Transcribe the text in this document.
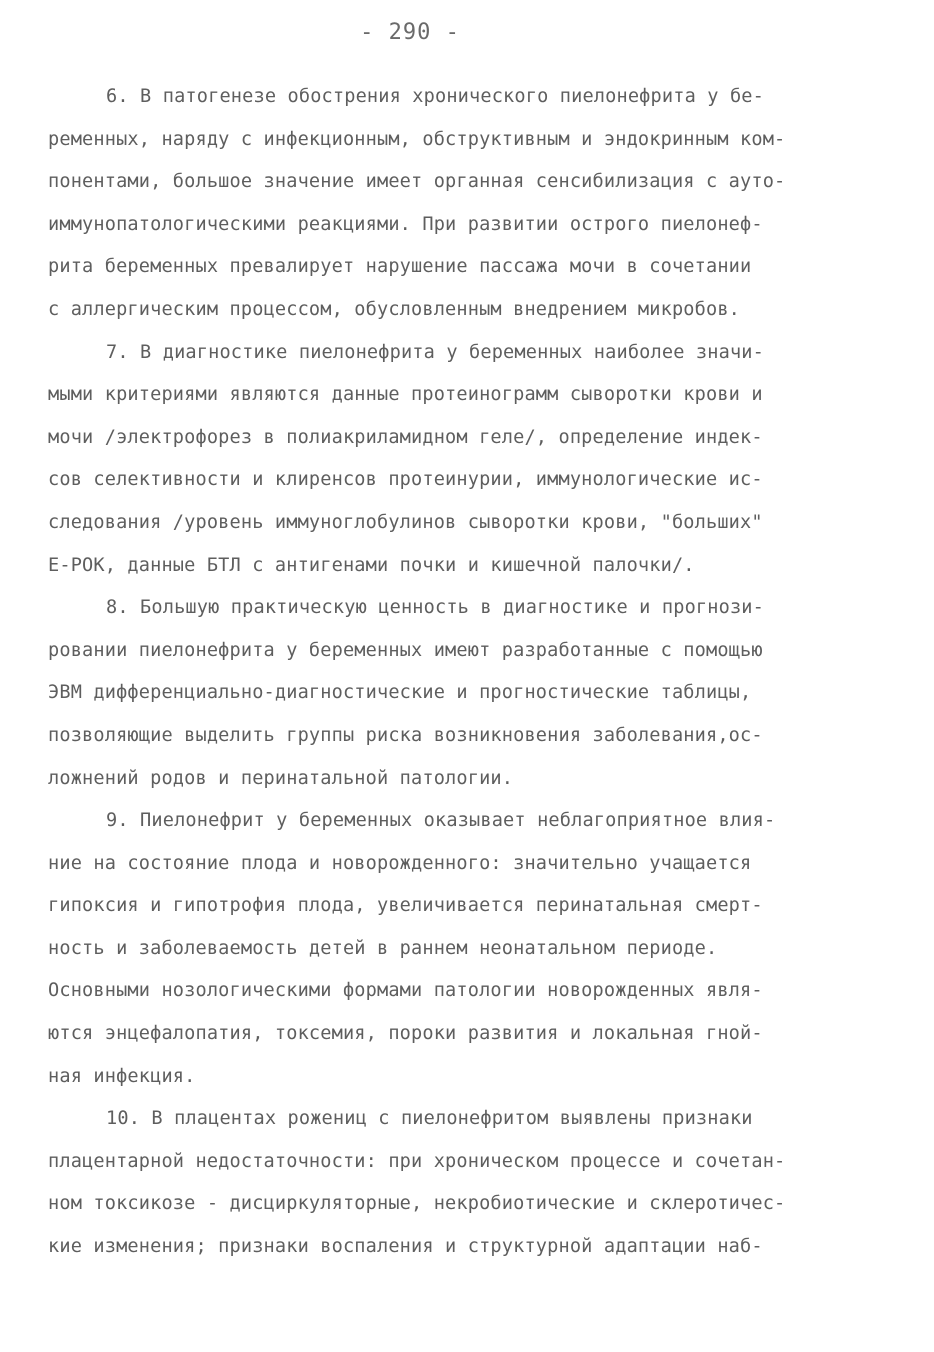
- 290 -
6. В патогенезе обострения хронического пиелонефрита у бе-
ременных, наряду с инфекционным, обструктивным и эндокринным ком-
понентами, большое значение имеет органная сенсибилизация с ауто-
иммунопатологическими реакциями. При развитии острого пиелонеф-
рита беременных превалирует нарушение пассажа мочи в сочетании
с аллергическим процессом, обусловленным внедрением микробов.
7. В диагностике пиелонефрита у беременных наиболее значи-
мыми критериями являются данные протеинограмм сыворотки крови и
мочи /электрофорез в полиакриламидном геле/, определение индек-
сов селективности и клиренсов протеинурии, иммунологические ис-
следования /уровень иммуноглобулинов сыворотки крови, "больших"
Е-РОК, данные БТЛ с антигенами почки и кишечной палочки/.
8. Большую практическую ценность в диагностике и прогнози-
ровании пиелонефрита у беременных имеют разработанные с помощью
ЭВМ дифференциально-диагностические и прогностические таблицы,
позволяющие выделить группы риска возникновения заболевания,ос-
ложнений родов и перинатальной патологии.
9. Пиелонефрит у беременных оказывает неблагоприятное влия-
ние на состояние плода и новорожденного: значительно учащается
гипоксия и гипотрофия плода, увеличивается перинатальная смерт-
ность и заболеваемость детей в раннем неонатальном периоде.
Основными нозологическими формами патологии новорожденных явля-
ются энцефалопатия, токсемия, пороки развития и локальная гной-
ная инфекция.
10. В плацентах рожениц с пиелонефритом выявлены признаки
плацентарной недостаточности: при хроническом процессе и сочетан-
ном токсикозе - дисциркуляторные, некробиотические и склеротичес-
кие изменения; признаки воспаления и структурной адаптации наб-
